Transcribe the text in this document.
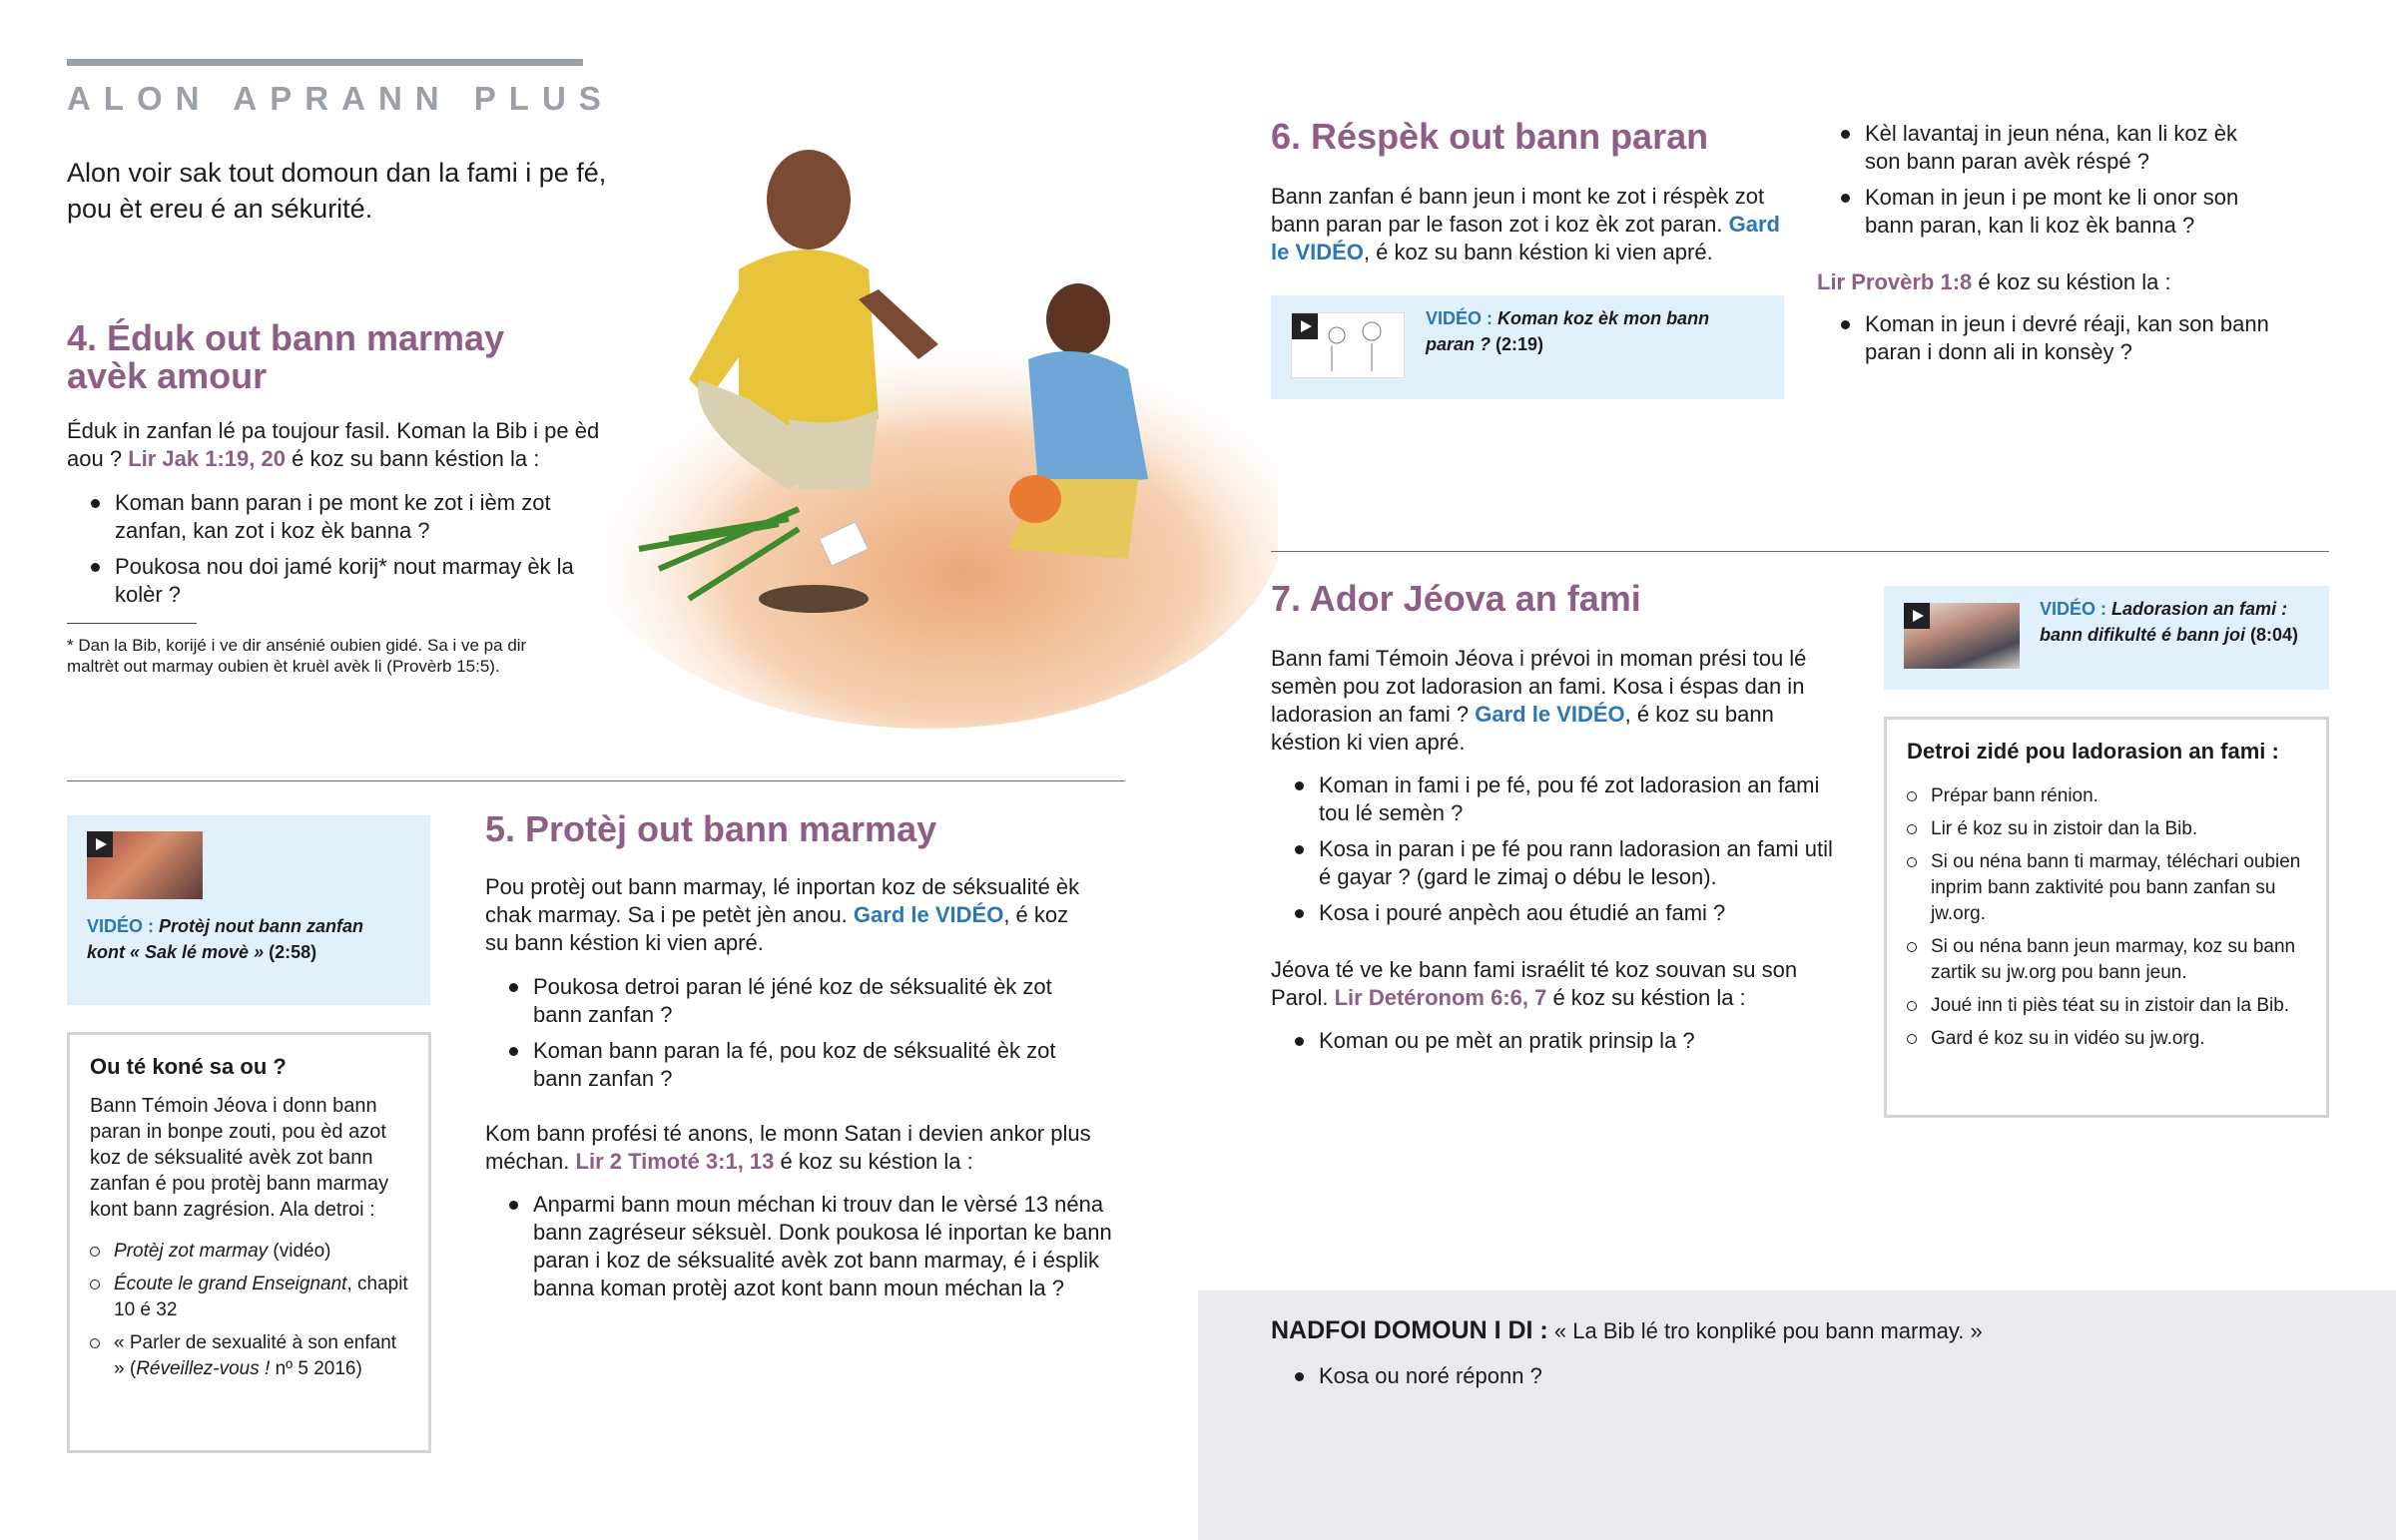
ALON APRANN PLUS

Alon voir sak tout domoun dan la fami i pe fé, pou èt ereu é an sékurité.

4. Éduk out bann marmay avèk amour

Éduk in zanfan lé pa toujour fasil. Koman la Bib i pe èd aou ? Lir Jak 1:19, 20 é koz su bann késtion la :

Koman bann paran i pe mont ke zot i ièm zot zanfan, kan zot i koz èk banna ?
Poukosa nou doi jamé korij* nout marmay èk la kolèr ?

* Dan la Bib, korijé i ve dir ansénié oubien gidé. Sa i ve pa dir maltrèt out marmay oubien èt kruèl avèk li (Provèrb 15:5).

VIDÉO : Protèj nout bann zanfan kont « Sak lé movè » (2:58)
Ou té koné sa ou ?

Bann Témoin Jéova i donn bann paran in bonpe zouti, pou èd azot koz de séksualité avèk zot bann zanfan é pou protèj bann marmay kont bann zagrésion. Ala detroi :

Protèj zot marmay (vidéo)
Écoute le grand Enseignant, chapit 10 é 32
« Parler de sexualité à son enfant » (Réveillez-vous ! nº 5 2016)
5. Protèj out bann marmay

Pou protèj out bann marmay, lé inportan koz de séksualité èk chak marmay. Sa i pe petèt jèn anou. Gard le VIDÉO, é koz su bann késtion ki vien apré.

Poukosa detroi paran lé jéné koz de séksualité èk zot bann zanfan ?
Koman bann paran la fé, pou koz de séksualité èk zot bann zanfan ?

Kom bann profési té anons, le monn Satan i devien ankor plus méchan. Lir 2 Timoté 3:1, 13 é koz su késtion la :

Anparmi bann moun méchan ki trouv dan le vèrsé 13 néna bann zagréseur séksuèl. Donk poukosa lé inportan ke bann paran i koz de séksualité avèk zot bann marmay, é i ésplik banna koman protèj azot kont bann moun méchan la ?
6. Réspèk out bann paran

Bann zanfan é bann jeun i mont ke zot i réspèk zot bann paran par le fason zot i koz èk zot paran. Gard le VIDÉO, é koz su bann késtion ki vien apré.

VIDÉO : Koman koz èk mon bann paran ? (2:19)
Kèl lavantaj in jeun néna, kan li koz èk son bann paran avèk réspé ?
Koman in jeun i pe mont ke li onor son bann paran, kan li koz èk banna ?

Lir Provèrb 1:8 é koz su késtion la :

Koman in jeun i devré réaji, kan son bann paran i donn ali in konsèy ?
7. Ador Jéova an fami

Bann fami Témoin Jéova i prévoi in moman prési tou lé semèn pou zot ladorasion an fami. Kosa i éspas dan in ladorasion an fami ? Gard le VIDÉO, é koz su bann késtion ki vien apré.

Koman in fami i pe fé, pou fé zot ladorasion an fami tou lé semèn ?
Kosa in paran i pe fé pou rann ladorasion an fami util é gayar ? (gard le zimaj o débu le leson).
Kosa i pouré anpèch aou étudié an fami ?

Jéova té ve ke bann fami israélit té koz souvan su son Parol. Lir Detéronom 6:6, 7 é koz su késtion la :

Koman ou pe mèt an pratik prinsip la ?
VIDÉO : Ladorasion an fami : bann difikulté é bann joi (8:04)
Detroi zidé pou ladorasion an fami :
Prépar bann rénion.
Lir é koz su in zistoir dan la Bib.
Si ou néna bann ti marmay, téléchari oubien inprim bann zaktivité pou bann zanfan su jw.org.
Si ou néna bann jeun marmay, koz su bann zartik su jw.org pou bann jeun.
Joué inn ti piès téat su in zistoir dan la Bib.
Gard é koz su in vidéo su jw.org.

NADFOI DOMOUN I DI : « La Bib lé tro konpliké pou bann marmay. »

Kosa ou noré réponn ?
